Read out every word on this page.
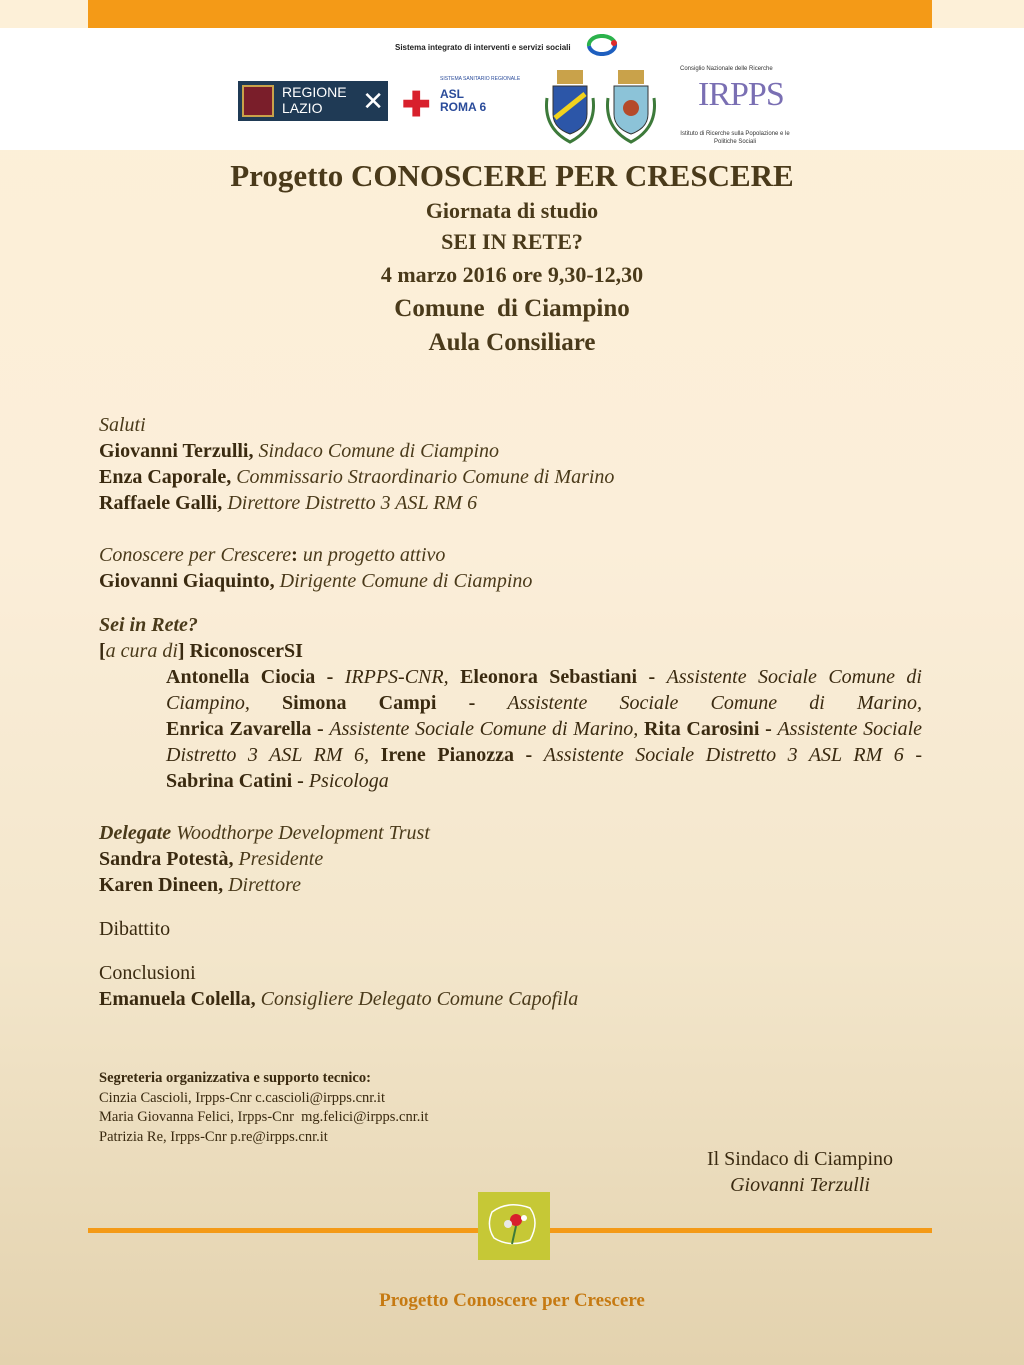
Sistema integrato di interventi e servizi sociali
REGIONE
LAZIO	✕
SISTEMA SANITARIO REGIONALE
✚ ASL
ROMA 6
Consiglio Nazionale delle Ricerche
IRPPS
Istituto di Ricerche sulla Popolazione e le Politiche Sociali
Progetto CONOSCERE PER CRESCERE
Giornata di studio
SEI IN RETE?
4 marzo 2016 ore 9,30-12,30
Comune  di Ciampino
Aula Consiliare
Saluti
Giovanni Terzulli, Sindaco Comune di Ciampino
Enza Caporale, Commissario Straordinario Comune di Marino
Raffaele Galli, Direttore Distretto 3 ASL RM 6
Conoscere per Crescere: un progetto attivo
Giovanni Giaquinto, Dirigente Comune di Ciampino
Sei in Rete?
[a cura di] RiconoscerSI
Antonella Ciocia - IRPPS-CNR, Eleonora Sebastiani - Assistente Sociale Comune di Ciampino, Simona Campi - Assistente Sociale Comune di Marino, Enrica Zavarella - Assistente Sociale Comune di Marino, Rita Carosini - Assistente Sociale Distretto 3 ASL RM 6, Irene Pianozza - Assistente Sociale Distretto 3 ASL RM 6 - Sabrina Catini - Psicologa
Delegate Woodthorpe Development Trust
Sandra Potestà, Presidente
Karen Dineen, Direttore
Dibattito
Conclusioni
Emanuela Colella, Consigliere Delegato Comune Capofila
Segreteria organizzativa e supporto tecnico:
Cinzia Cascioli, Irpps-Cnr c.cascioli@irpps.cnr.it
Maria Giovanna Felici, Irpps-Cnr  mg.felici@irpps.cnr.it
Patrizia Re, Irpps-Cnr p.re@irpps.cnr.it
Il Sindaco di Ciampino
Giovanni Terzulli
Progetto Conoscere per Crescere
